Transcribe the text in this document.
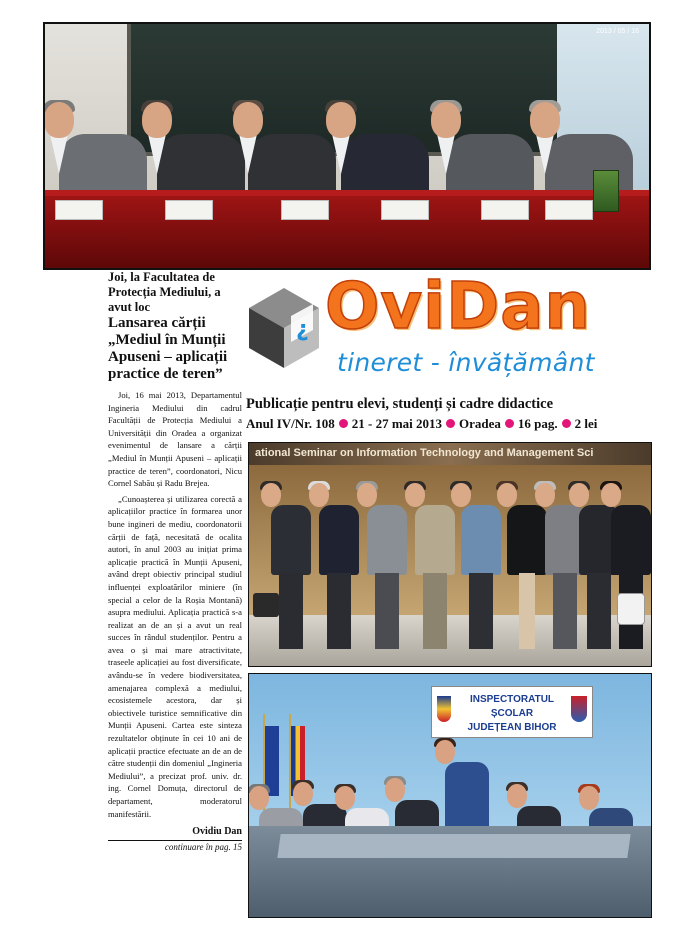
2013 / 05 / 16

Joi, la Facultatea de Protecția Mediului, a avut loc

Lansarea cărții „Mediul în Munții Apuseni – aplicații practice de teren”

Joi, 16 mai 2013, Departamentul Ingineria Mediului din cadrul Facultății de Protecția Mediului a Universității din Oradea a organizat evenimentul de lansare a cărții „Mediul în Munții Apuseni – aplicații practice de teren”, coordonatori, Nicu Cornel Sabău și Radu Brejea.

„Cunoașterea și utilizarea corectă a aplicațiilor practice în formarea unor bune ingineri de mediu, coordonatorii cărții de față, necesitată de ocalita autori, în anul 2003 au inițiat prima aplicație practică în Munții Apuseni, având drept obiectiv principal studiul influenței exploatărilor miniere (în special a celor de la Roșia Montană) asupra mediului. Aplicația practică s-a realizat an de an și a avut un real succes în rândul studenților. Pentru a avea o și mai mare atractivitate, traseele aplicației au fost diversificate, avându-se în vedere biodiversitatea, amenajarea complexă a mediului, ecosistemele acestora, dar și obiectivele turistice semnificative din Munții Apuseni. Cartea este sinteza rezultatelor obținute în cei 10 ani de aplicații practice efectuate an de an de către studenții din domeniul „Ingineria Mediului”, a precizat prof. univ. dr. ing. Cornel Domuța, directorul de departament, moderatorul manifestării.

Ovidiu Dan
continuare în pag. 15
¿ OviDan
tineret - învățământ
Publicație pentru elevi, studenți și cadre didactice
Anul IV/Nr. 108 21 - 27 mai 2013 Oradea 16 pag. 2 lei
ational Seminar on Information Technology and Management Sci
INSPECTORATUL ȘCOLAR
JUDEȚEAN BIHOR
